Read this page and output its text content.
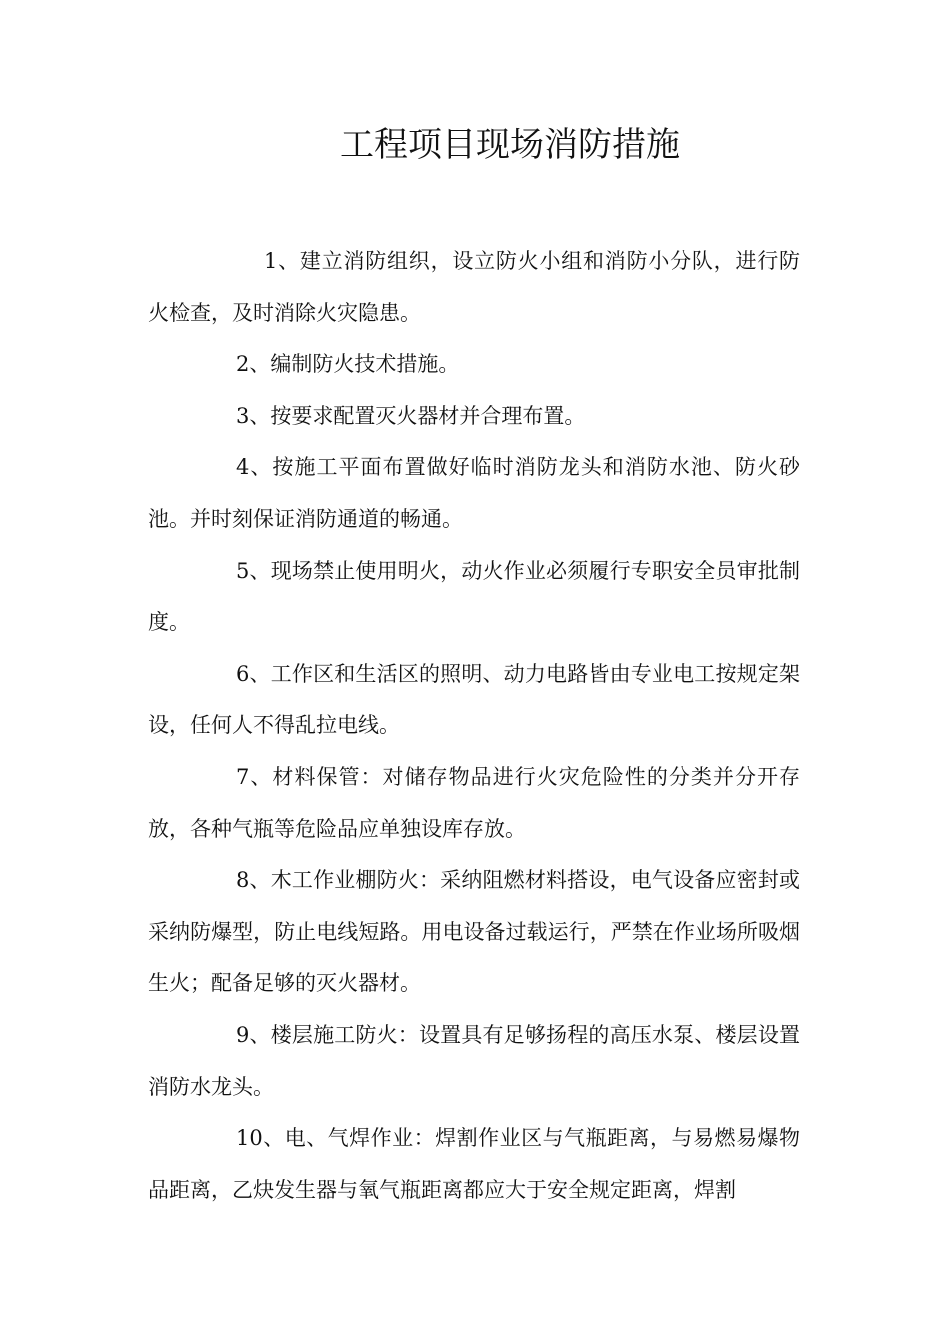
工程项目现场消防措施

1、建立消防组织，设立防火小组和消防小分队，进行防火检查，及时消除火灾隐患。

2、编制防火技术措施。

3、按要求配置灭火器材并合理布置。

4、按施工平面布置做好临时消防龙头和消防水池、防火砂池。并时刻保证消防通道的畅通。

5、现场禁止使用明火，动火作业必须履行专职安全员审批制度。

6、工作区和生活区的照明、动力电路皆由专业电工按规定架设，任何人不得乱拉电线。

7、材料保管：对储存物品进行火灾危险性的分类并分开存放，各种气瓶等危险品应单独设库存放。

8、木工作业棚防火：采纳阻燃材料搭设，电气设备应密封或采纳防爆型，防止电线短路。用电设备过载运行，严禁在作业场所吸烟生火；配备足够的灭火器材。

9、楼层施工防火：设置具有足够扬程的高压水泵、楼层设置消防水龙头。

10、电、气焊作业：焊割作业区与气瓶距离，与易燃易爆物品距离，乙炔发生器与氧气瓶距离都应大于安全规定距离，焊割
